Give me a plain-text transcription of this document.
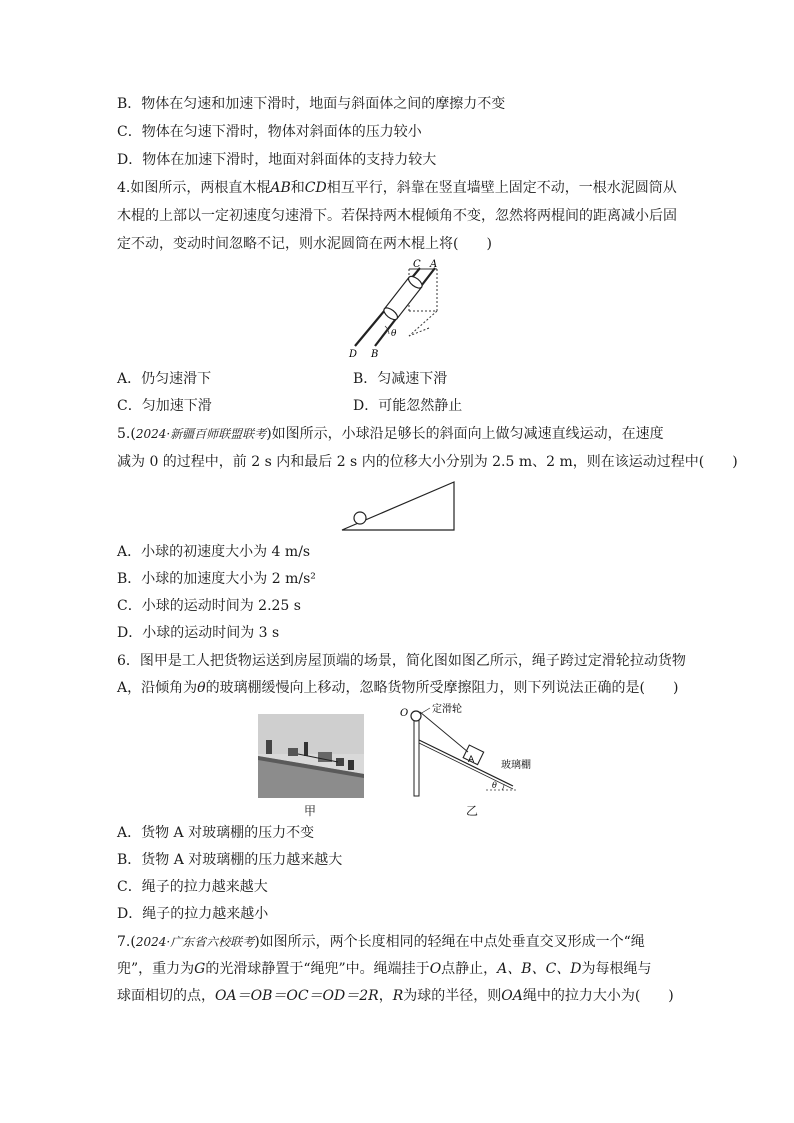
B．物体在匀速和加速下滑时，地面与斜面体之间的摩擦力不变
C．物体在匀速下滑时，物体对斜面体的压力较小
D．物体在加速下滑时，地面对斜面体的支持力较大
4.如图所示，两根直木棍AB和CD相互平行，斜靠在竖直墙壁上固定不动，一根水泥圆筒从
木棍的上部以一定初速度匀速滑下。若保持两木棍倾角不变，忽然将两棍间的距离减小后固
定不动，变动时间忽略不记，则水泥圆筒在两木棍上将(　　)
θ
C A
D B
A．仍匀速滑下	B．匀减速下滑
C．匀加速下滑	D．可能忽然静止
5.(2024·新疆百师联盟联考)如图所示，小球沿足够长的斜面向上做匀减速直线运动，在速度
减为 0 的过程中，前 2 s 内和最后 2 s 内的位移大小分别为 2.5 m、2 m，则在该运动过程中(　　)
A．小球的初速度大小为 4 m/s
B．小球的加速度大小为 2 m/s²
C．小球的运动时间为 2.25 s
D．小球的运动时间为 3 s
6．图甲是工人把货物运送到房屋顶端的场景，简化图如图乙所示，绳子跨过定滑轮拉动货物
A，沿倾角为θ的玻璃棚缓慢向上移动，忽略货物所受摩擦阻力，则下列说法正确的是(　　)
甲
O 定滑轮
A	玻璃棚
θ
乙
A．货物 A 对玻璃棚的压力不变
B．货物 A 对玻璃棚的压力越来越大
C．绳子的拉力越来越大
D．绳子的拉力越来越小
7.(2024·广东省六校联考)如图所示，两个长度相同的轻绳在中点处垂直交叉形成一个“绳
兜”，重力为G的光滑球静置于“绳兜”中。绳端挂于O点静止，A、B、C、D为每根绳与
球面相切的点，OA＝OB＝OC＝OD＝2R，R为球的半径，则OA绳中的拉力大小为(　　)
